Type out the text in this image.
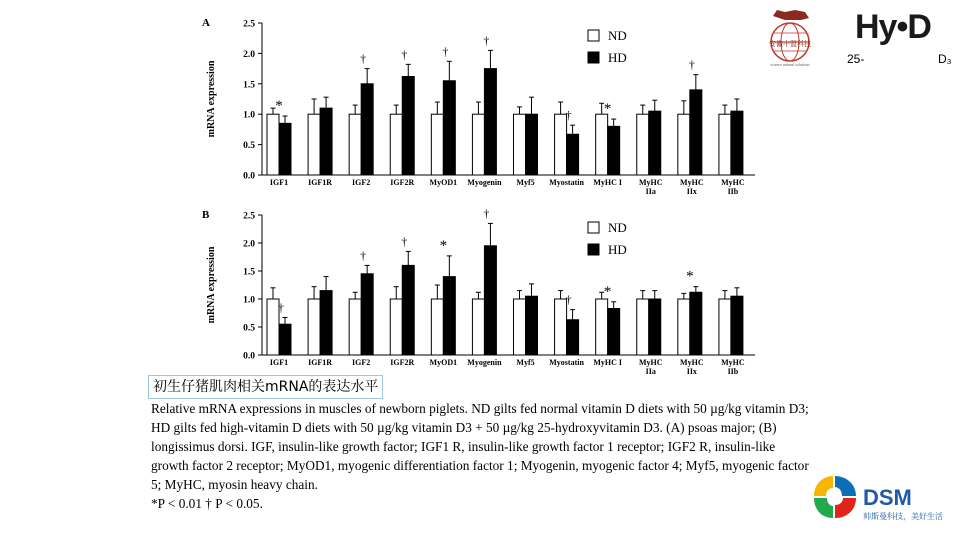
安徽中盟科技
science animal solutions
Hy•D
25-	D₃
A
0.0
0.5
1.0
1.5
2.0
2.5
mRNA expression	*
IGF1 IGF1R
†
IGF2
†
IGF2R
†
MyOD1
†
Myogenin Myf5
†
Myostatin
*
MyHC I MyHC
IIa
†
MyHC
IIx
MyHC
IIb
ND
HD
B
0.0
0.5
1.0
1.5
2.0
2.5
mRNA expression	†
IGF1 IGF1R
†
IGF2
†
IGF2R
*
MyOD1
†
Myogenin Myf5
†
Myostatin
*
MyHC I MyHC
IIa
*
MyHC
IIx
MyHC
IIb
ND
HD
初生仔猪肌肉相关mRNA的表达水平

Relative mRNA expressions in muscles of newborn piglets. ND gilts fed normal vitamin D diets with 50 µg/kg vitamin D3; HD gilts fed high-vitamin D diets with 50 µg/kg vitamin D3 + 50 µg/kg 25-hydroxyvitamin D3. (A) psoas major; (B) longissimus dorsi. IGF, insulin-like growth factor; IGF1 R, insulin-like growth factor 1 receptor; IGF2 R, insulin-like growth factor 2 receptor; MyOD1, myogenic differentiation factor 1; Myogenin, myogenic factor 4; Myf5, myogenic factor 5; MyHC, myosin heavy chain.

*P < 0.01 † P < 0.05.	DSM
帅斯曼科技，美好生活
